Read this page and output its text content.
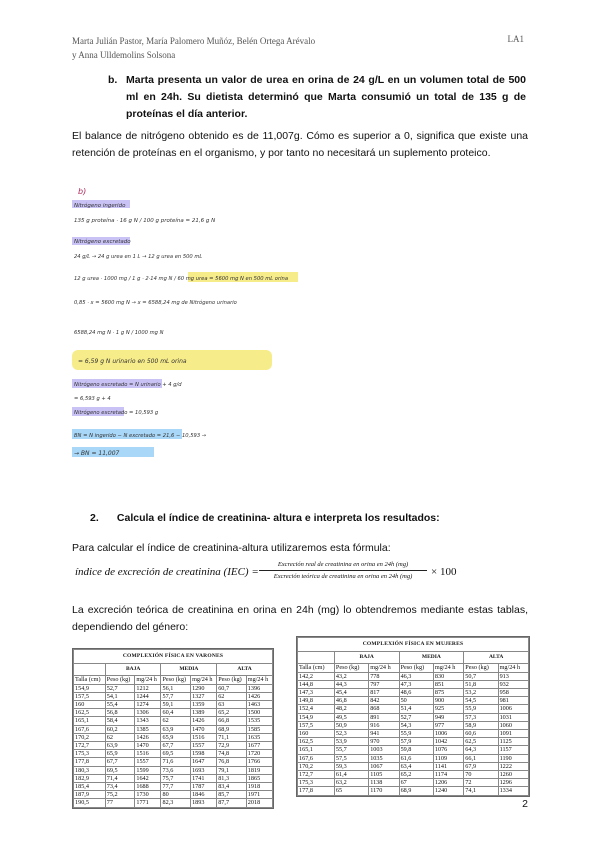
Marta Julián Pastor, María Palomero Muñóz, Belén Ortega Arévalo
y Anna Ulldemolins Solsona
LA1
b. Marta presenta un valor de urea en orina de 24 g/L en un volumen total de 500 ml en 24h. Su dietista determinó que Marta consumió un total de 135 g de proteínas el día anterior.
El balance de nitrógeno obtenido es de 11,007g. Cómo es superior a 0, significa que existe una retención de proteínas en el organismo, y por tanto no necesitará un suplemento proteico.
b)
Nitrógeno ingerido
135 g proteína · 16 g N / 100 g proteína = 21,6 g N
Nitrógeno excretado
24 g/L → 24 g urea en 1 L → 12 g urea en 500 mL
12 g urea · 1000 mg / 1 g · 2·14 mg N / 60 mg urea = 5600 mg N en 500 mL orina
0,85 · x = 5600 mg N → x = 6588,24 mg de Nitrógeno urinario
6588,24 mg N · 1 g N / 1000 mg N
= 6,59 g N urinario en 500 mL orina
Nitrógeno excretado = N urinario + 4 g/d
= 6,593 g + 4
Nitrógeno excretado = 10,593 g
BN = N ingerido − N excretado = 21,6 − 10,593 →
→ BN = 11,007
2. Calcula el índice de creatinina- altura e interpreta los resultados:
Para calcular el índice de creatinina-altura utilizaremos esta fórmula:
índice de excreción de creatinina (IEC) =
Excreción real de creatinina en orina en 24h (mg)
Excreción teórica de creatinina en orina en 24h (mg)	× 100
La excreción teórica de creatinina en orina en 24h (mg) lo obtendremos mediante estas tablas, dependiendo del género:
COMPLEXIÓN FÍSICA EN VARONES						
	BAJA		MEDIA		ALTA	
Talla (cm)	Peso (kg)	mg/24 h	Peso (kg)	mg/24 h	Peso (kg)	mg/24 h
154,9	52,7	1212	56,1	1290	60,7	1396
157,5	54,1	1244	57,7	1327	62	1426
160	55,4	1274	59,1	1359	63	1463
162,5	56,8	1306	60,4	1389	65,2	1500
165,1	58,4	1343	62	1426	66,8	1535
167,6	60,2	1385	63,9	1470	68,9	1585
170,2	62	1426	65,9	1516	71,1	1635
172,7	63,9	1470	67,7	1557	72,9	1677
175,3	65,9	1516	69,5	1598	74,8	1720
177,8	67,7	1557	71,6	1647	76,8	1766
180,3	69,5	1599	73,6	1693	79,1	1819
182,9	71,4	1642	75,7	1741	81,3	1865
185,4	73,4	1688	77,7	1787	83,4	1918
187,9	75,2	1730	80	1846	85,7	1971
190,5	77	1771	82,3	1893	87,7	2018
COMPLEXIÓN FÍSICA EN MUJERES						
	BAJA		MEDIA		ALTA	
Talla (cm)	Peso (kg)	mg/24 h	Peso (kg)	mg/24 h	Peso (kg)	mg/24 h
142,2	43,2	778	46,3	830	50,7	913
144,8	44,3	797	47,3	851	51,8	932
147,3	45,4	817	48,6	875	53,2	958
149,8	46,8	842	50	900	54,5	981
152,4	48,2	868	51,4	925	55,9	1006
154,9	49,5	891	52,7	949	57,3	1031
157,5	50,9	916	54,3	977	58,9	1060
160	52,3	941	55,9	1006	60,6	1091
162,5	53,9	970	57,9	1042	62,5	1125
165,1	55,7	1003	59,8	1076	64,3	1157
167,6	57,5	1035	61,6	1109	66,1	1190
170,2	59,3	1067	63,4	1141	67,9	1222
172,7	61,4	1105	65,2	1174	70	1260
175,3	63,2	1138	67	1206	72	1296
177,8	65	1170	68,9	1240	74,1	1334
2
